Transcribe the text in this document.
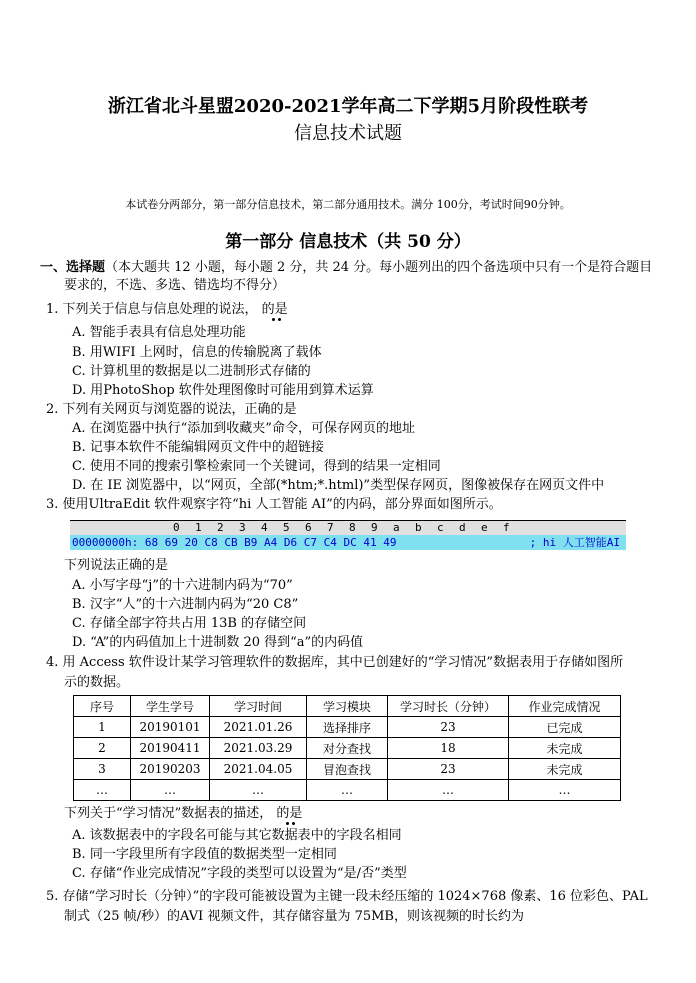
浙江省北斗星盟2020-2021学年高二下学期5月阶段性联考
信息技术试题
本试卷分两部分，第一部分信息技术，第二部分通用技术。满分 100分，考试时间90分钟。
第一部分 信息技术（共 50 分）
一、选择题（本大题共 12 小题，每小题 2 分，共 24 分。每小题列出的四个备选项中只有一个是符合题目
要求的，不选、多选、错选均不得分）
1. 下列关于信息与信息处理的说法， 的是
A. 智能手表具有信息处理功能
B. 用WIFI 上网时，信息的传输脱离了载体
C. 计算机里的数据是以二进制形式存储的
D. 用PhotoShop 软件处理图像时可能用到算术运算
2. 下列有关网页与浏览器的说法，正确的是
A. 在浏览器中执行“添加到收藏夹”命令，可保存网页的地址
B. 记事本软件不能编辑网页文件中的超链接
C. 使用不同的搜索引擎检索同一个关键词，得到的结果一定相同
D. 在 IE 浏览器中，以“网页，全部(*htm;*.html)”类型保存网页，图像被保存在网页文件中
3. 使用UltraEdit 软件观察字符“hi 人工智能 AI”的内码，部分界面如图所示。
0 1 2 3 4 5 6 7 8 9 a b c d e f
00000000h: 68 69 20 C8 CB B9 A4 D6 C7 C4 DC 41 49	; hi 人工智能AI
下列说法正确的是
A. 小写字母“j”的十六进制内码为“70”
B. 汉字“人”的十六进制内码为“20 C8”
C. 存储全部字符共占用 13B 的存储空间
D. “A”的内码值加上十进制数 20 得到“a”的内码值
4. 用 Access 软件设计某学习管理软件的数据库，其中已创建好的“学习情况”数据表用于存储如图所
示的数据。
序号	学生学号	学习时间	学习模块	学习时长（分钟）	作业完成情况
1	20190101	2021.01.26	选择排序	23	已完成
2	20190411	2021.03.29	对分查找	18	未完成
3	20190203	2021.04.05	冒泡查找	23	未完成
…	…	…	…	…	…
下列关于“学习情况”数据表的描述， 的是
A. 该数据表中的字段名可能与其它数据表中的字段名相同
B. 同一字段里所有字段值的数据类型一定相同
C. 存储“作业完成情况”字段的类型可以设置为“是/否”类型
5. 存储“学习时长（分钟）”的字段可能被设置为主键一段未经压缩的 1024×768 像素、16 位彩色、PAL
制式（25 帧/秒）的AVI 视频文件，其存储容量为 75MB，则该视频的时长约为
